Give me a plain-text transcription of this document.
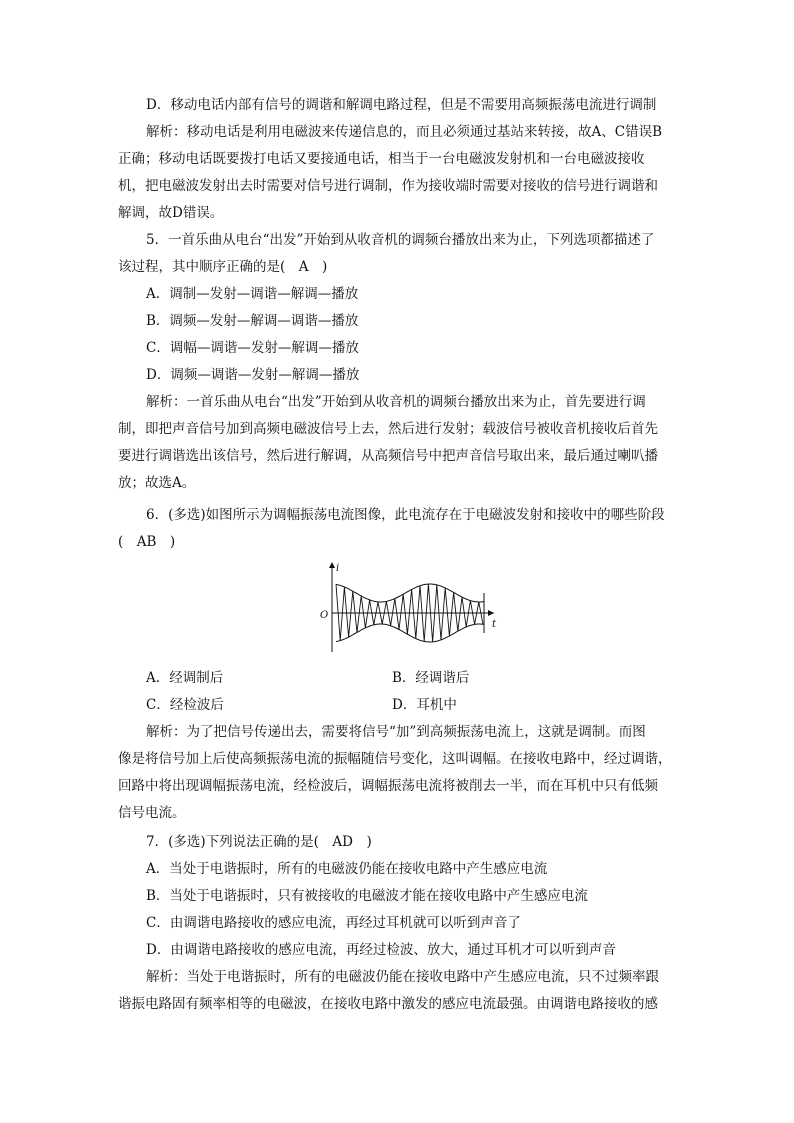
D．移动电话内部有信号的调谐和解调电路过程，但是不需要用高频振荡电流进行调制
解析：移动电话是利用电磁波来传递信息的，而且必须通过基站来转接，故A、C错误B
正确；移动电话既要拨打电话又要接通电话，相当于一台电磁波发射机和一台电磁波接收
机，把电磁波发射出去时需要对信号进行调制，作为接收端时需要对接收的信号进行调谐和
解调，故D错误。
5．一首乐曲从电台“出发”开始到从收音机的调频台播放出来为止，下列选项都描述了
该过程，其中顺序正确的是(　A　)
A．调制—发射—调谐—解调—播放
B．调频—发射—解调—调谐—播放
C．调幅—调谐—发射—解调—播放
D．调频—调谐—发射—解调—播放
解析：一首乐曲从电台“出发”开始到从收音机的调频台播放出来为止，首先要进行调
制，即把声音信号加到高频电磁波信号上去，然后进行发射；载波信号被收音机接收后首先
要进行调谐选出该信号，然后进行解调，从高频信号中把声音信号取出来，最后通过喇叭播
放；故选A。
6．(多选)如图所示为调幅振荡电流图像，此电流存在于电磁波发射和接收中的哪些阶段
(　AB　)
i
t
O
A．经调制后	B．经调谐后
C．经检波后	D．耳机中
解析：为了把信号传递出去，需要将信号“加”到高频振荡电流上，这就是调制。而图
像是将信号加上后使高频振荡电流的振幅随信号变化，这叫调幅。在接收电路中，经过调谐，
回路中将出现调幅振荡电流，经检波后，调幅振荡电流将被削去一半，而在耳机中只有低频
信号电流。
7．(多选)下列说法正确的是(　AD　)
A．当处于电谐振时，所有的电磁波仍能在接收电路中产生感应电流
B．当处于电谐振时，只有被接收的电磁波才能在接收电路中产生感应电流
C．由调谐电路接收的感应电流，再经过耳机就可以听到声音了
D．由调谐电路接收的感应电流，再经过检波、放大，通过耳机才可以听到声音
解析：当处于电谐振时，所有的电磁波仍能在接收电路中产生感应电流，只不过频率跟
谐振电路固有频率相等的电磁波，在接收电路中激发的感应电流最强。由调谐电路接收的感
